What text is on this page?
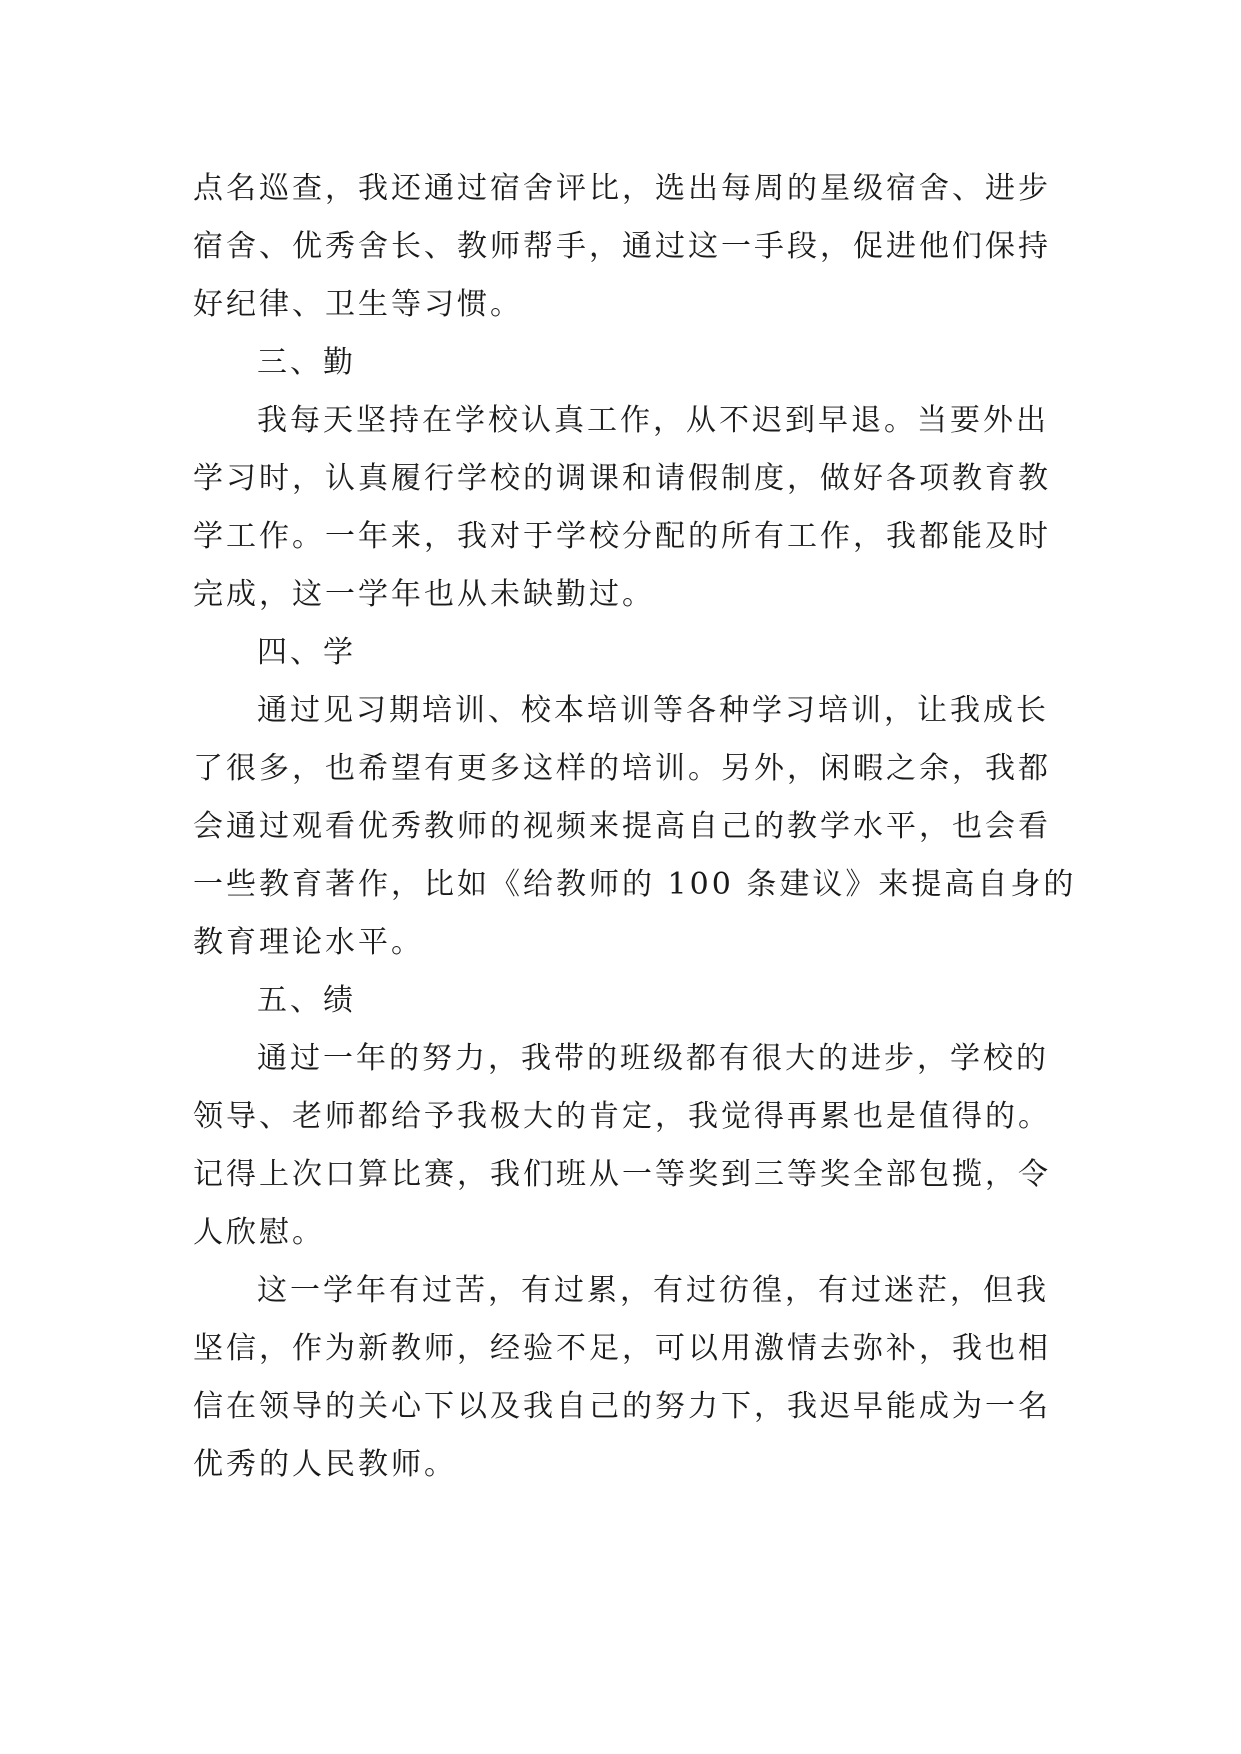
点名巡查，我还通过宿舍评比，选出每周的星级宿舍、进步
宿舍、优秀舍长、教师帮手，通过这一手段，促进他们保持
好纪律、卫生等习惯。
三、勤
我每天坚持在学校认真工作，从不迟到早退。当要外出
学习时，认真履行学校的调课和请假制度，做好各项教育教
学工作。一年来，我对于学校分配的所有工作，我都能及时
完成，这一学年也从未缺勤过。
四、学
通过见习期培训、校本培训等各种学习培训，让我成长
了很多，也希望有更多这样的培训。另外，闲暇之余，我都
会通过观看优秀教师的视频来提高自己的教学水平，也会看
一些教育著作，比如《给教师的 100 条建议》来提高自身的
教育理论水平。
五、绩
通过一年的努力，我带的班级都有很大的进步，学校的
领导、老师都给予我极大的肯定，我觉得再累也是值得的。
记得上次口算比赛，我们班从一等奖到三等奖全部包揽，令
人欣慰。
这一学年有过苦，有过累，有过彷徨，有过迷茫，但我
坚信，作为新教师，经验不足，可以用激情去弥补，我也相
信在领导的关心下以及我自己的努力下，我迟早能成为一名
优秀的人民教师。
